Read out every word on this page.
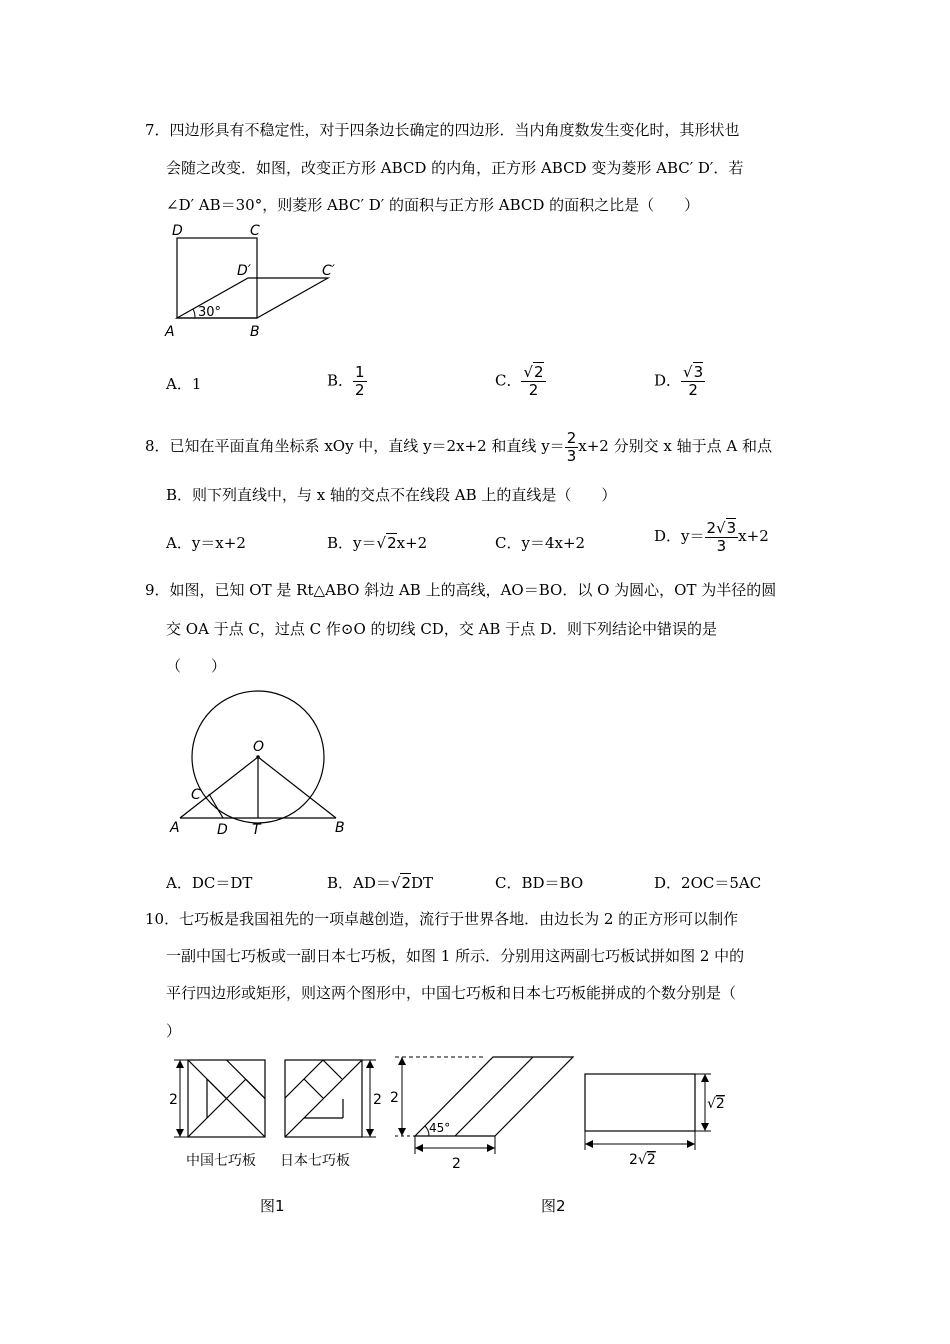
7．四边形具有不稳定性，对于四条边长确定的四边形．当内角度数发生变化时，其形状也
会随之改变．如图，改变正方形 ABCD 的内角，正方形 ABCD 变为菱形 ABC′ D′．若
∠D′ AB＝30°，则菱形 ABC′ D′ 的面积与正方形 ABCD 的面积之比是（　　）
D	C
D′	C′
A	B
30°
A．1	B． $\frac{1}{2}$	C． $\frac{√2}{2}$	D． $\frac{√3}{2}$
8．已知在平面直角坐标系 xOy 中，直线 y＝2x+2 和直线 $y= \frac{2}{3} x+2$ 分别交 x 轴于点 A 和点
B．则下列直线中，与 x 轴的交点不在线段 AB 上的直线是（　　）
A．y＝x+2	B．y＝√2x+2	C．y＝4x+2	D．$y= \frac{2√3}{3} x+2$
9．如图，已知 OT 是 Rt△ABO 斜边 AB 上的高线，AO＝BO．以 O 为圆心，OT 为半径的圆
交 OA 于点 C，过点 C 作⊙O 的切线 CD，交 AB 于点 D．则下列结论中错误的是
（　　）
O
C
A	D T	B
A．DC＝DT	B．AD＝√2DT	C．BD＝BO	D．2OC＝5AC
10．七巧板是我国祖先的一项卓越创造，流行于世界各地．由边长为 2 的正方形可以制作
一副中国七巧板或一副日本七巧板，如图 1 所示．分别用这两副七巧板试拼如图 2 中的
平行四边形或矩形，则这两个图形中，中国七巧板和日本七巧板能拼成的个数分别是（
）
2	2
中国七巧板 日本七巧板
2
45°
2
√2
2√2
图1	图2
